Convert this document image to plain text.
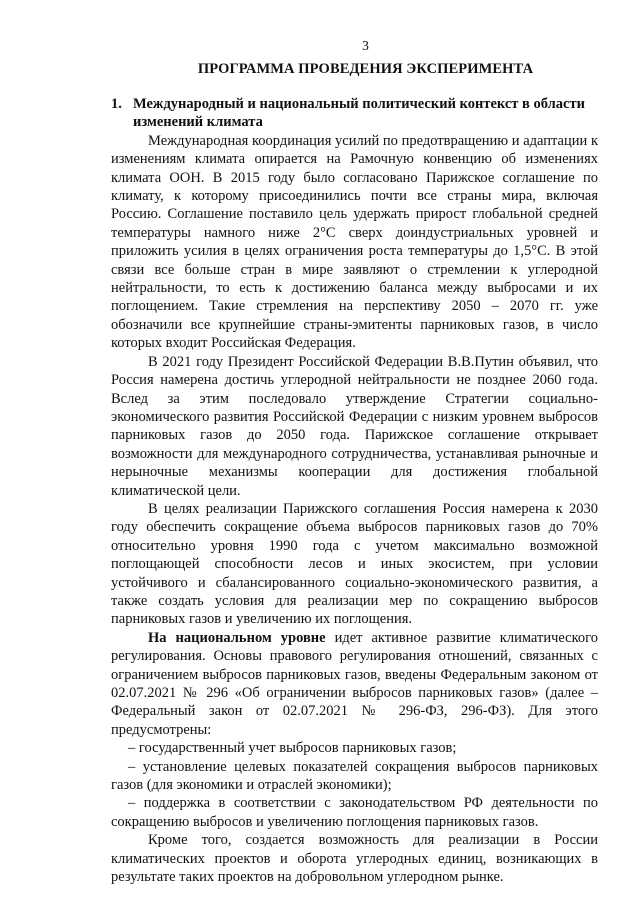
3
ПРОГРАММА ПРОВЕДЕНИЯ ЭКСПЕРИМЕНТА
1. Международный и национальный политический контекст в области изменений климата

Международная координация усилий по предотвращению и адаптации к изменениям климата опирается на Рамочную конвенцию об изменениях климата ООН. В 2015 году было согласовано Парижское соглашение по климату, к которому присоединились почти все страны мира, включая Россию. Соглашение поставило цель удержать прирост глобальной средней температуры намного ниже 2°С сверх доиндустриальных уровней и приложить усилия в целях ограничения роста температуры до 1,5°С. В этой связи все больше стран в мире заявляют о стремлении к углеродной нейтральности, то есть к достижению баланса между выбросами и их поглощением. Такие стремления на перспективу 2050 – 2070 гг. уже обозначили все крупнейшие страны-эмитенты парниковых газов, в число которых входит Российская Федерация.

В 2021 году Президент Российской Федерации В.В.Путин объявил, что Россия намерена достичь углеродной нейтральности не позднее 2060 года. Вслед за этим последовало утверждение Стратегии социально-экономического развития Российской Федерации с низким уровнем выбросов парниковых газов до 2050 года. Парижское соглашение открывает возможности для международного сотрудничества, устанавливая рыночные и нерыночные механизмы кооперации для достижения глобальной климатической цели.

В целях реализации Парижского соглашения Россия намерена к 2030 году обеспечить сокращение объема выбросов парниковых газов до 70% относительно уровня 1990 года с учетом максимально возможной поглощающей способности лесов и иных экосистем, при условии устойчивого и сбалансированного социально-экономического развития, а также создать условия для реализации мер по сокращению выбросов парниковых газов и увеличению их поглощения.

На национальном уровне идет активное развитие климатического регулирования. Основы правового регулирования отношений, связанных с ограничением выбросов парниковых газов, введены Федеральным законом от 02.07.2021 № 296 «Об ограничении выбросов парниковых газов» (далее – Федеральный закон от 02.07.2021 № 296-ФЗ, 296-ФЗ). Для этого предусмотрены:

– государственный учет выбросов парниковых газов;

– установление целевых показателей сокращения выбросов парниковых газов (для экономики и отраслей экономики);

– поддержка в соответствии с законодательством РФ деятельности по сокращению выбросов и увеличению поглощения парниковых газов.

Кроме того, создается возможность для реализации в России климатических проектов и оборота углеродных единиц, возникающих в результате таких проектов на добровольном углеродном рынке.
